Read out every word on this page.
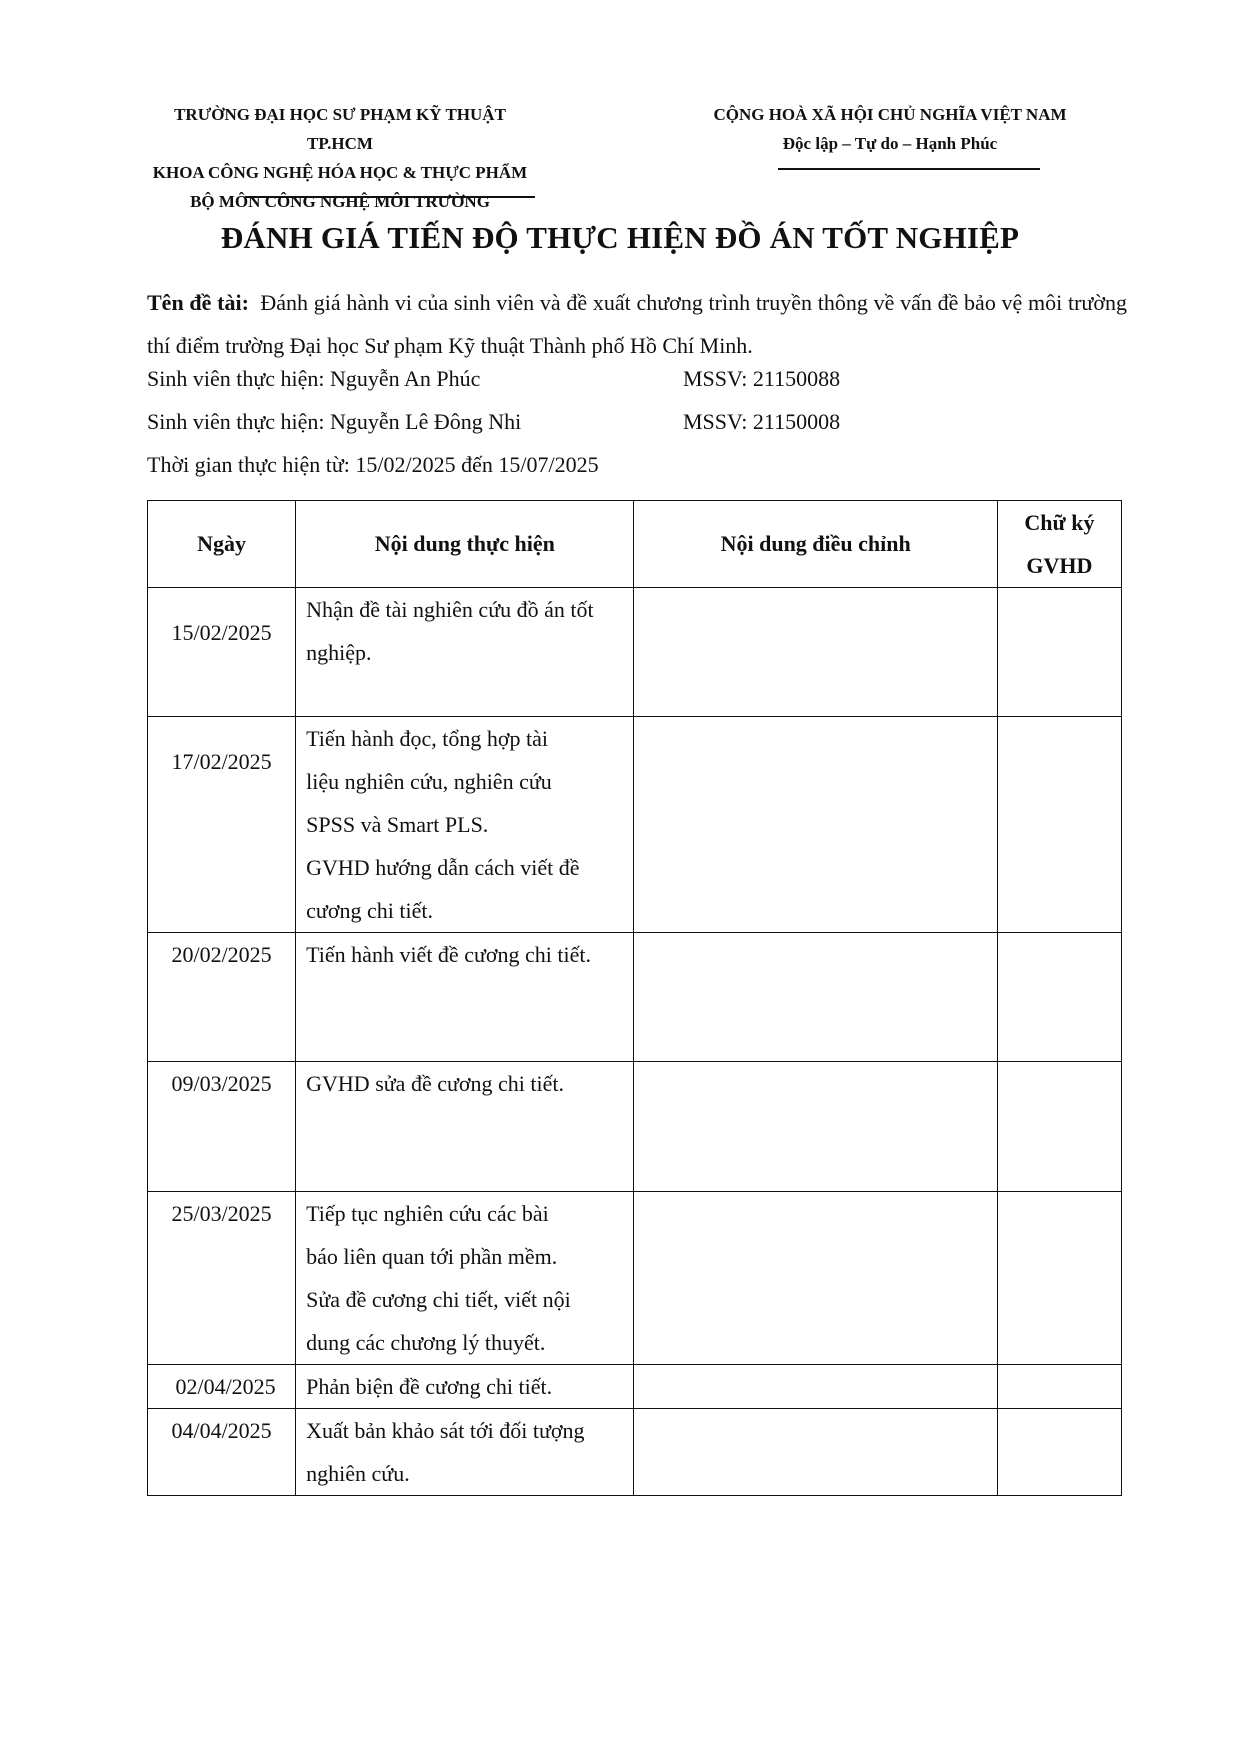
TRƯỜNG ĐẠI HỌC SƯ PHẠM KỸ THUẬT TP.HCM
KHOA CÔNG NGHỆ HÓA HỌC & THỰC PHẨM
BỘ MÔN CÔNG NGHỆ MÔI TRƯỜNG
CỘNG HOÀ XÃ HỘI CHỦ NGHĨA VIỆT NAM
Độc lập – Tự do – Hạnh Phúc
ĐÁNH GIÁ TIẾN ĐỘ THỰC HIỆN ĐỒ ÁN TỐT NGHIỆP
Tên đề tài: Đánh giá hành vi của sinh viên và đề xuất chương trình truyền thông về vấn đề bảo vệ môi trường thí điểm trường Đại học Sư phạm Kỹ thuật Thành phố Hồ Chí Minh.
Sinh viên thực hiện: Nguyễn An Phúc	MSSV: 21150088
Sinh viên thực hiện: Nguyễn Lê Đông Nhi	MSSV: 21150008
Thời gian thực hiện từ: 15/02/2025 đến 15/07/2025
Ngày	Nội dung thực hiện	Nội dung điều chỉnh	Chữ ký
GVHD

15/02/2025	Nhận đề tài nghiên cứu đồ án tốt
nghiệp.		

17/02/2025	Tiến hành đọc, tổng hợp tài
liệu nghiên cứu, nghiên cứu
SPSS và Smart PLS.
GVHD hướng dẫn cách viết đề
cương chi tiết.		

20/02/2025	Tiến hành viết đề cương chi tiết.		

09/03/2025	GVHD sửa đề cương chi tiết.		

25/03/2025	Tiếp tục nghiên cứu các bài
báo liên quan tới phần mềm.
Sửa đề cương chi tiết, viết nội
dung các chương lý thuyết.		

02/04/2025	Phản biện đề cương chi tiết.		

04/04/2025	Xuất bản khảo sát tới đối tượng
nghiên cứu.		
